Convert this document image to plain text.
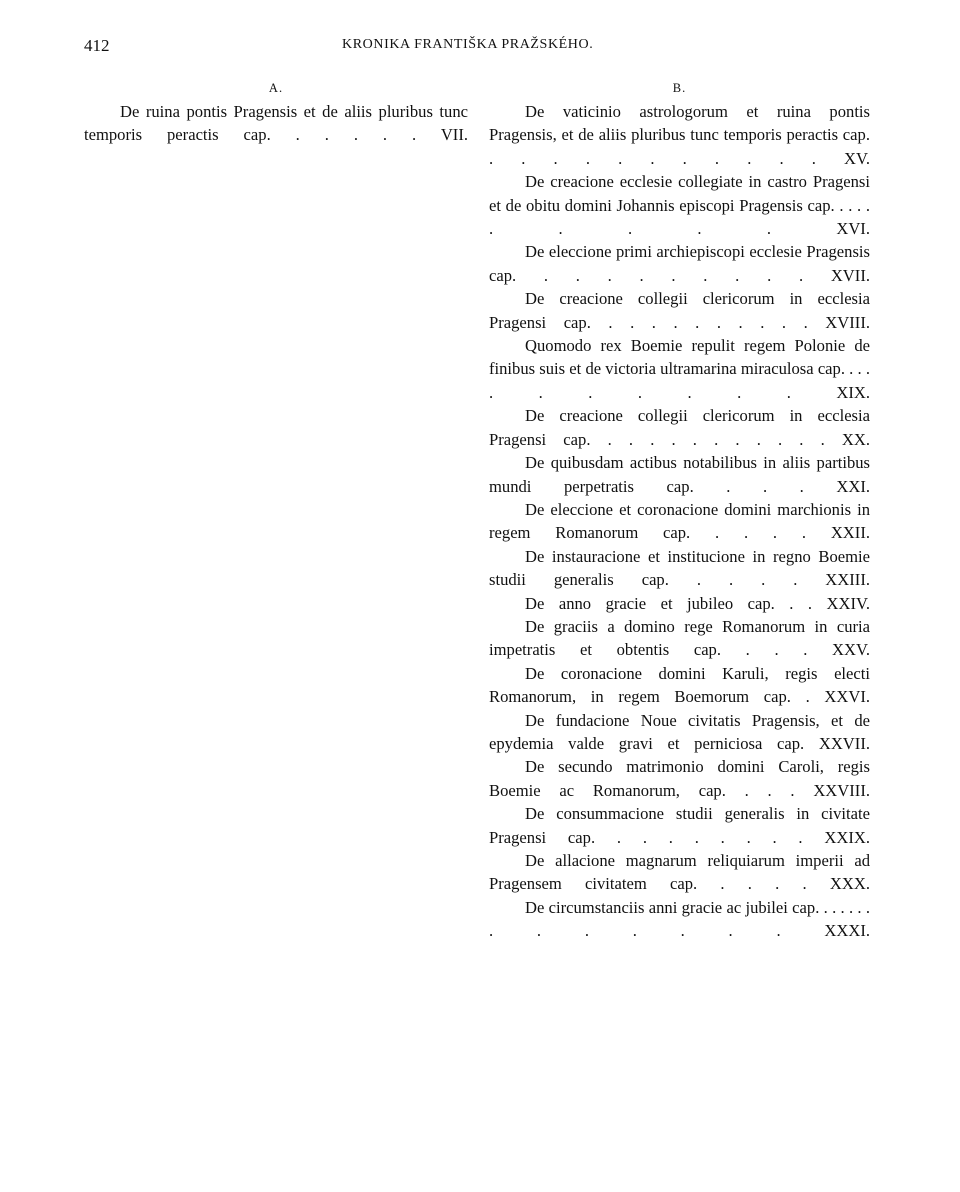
412	KRONIKA FRANTIŠKA PRAŽSKÉHO.
A.

De ruina pontis Pragensis et de aliis pluribus tunc temporis peractis cap. . . . . . VII.

B.

De vaticinio astrologorum et ruina pontis Pragensis, et de aliis pluribus tunc temporis peractis cap. . . . . . . . . . . . XV.

De creacione ecclesie collegiate in castro Pragensi et de obitu domini Johannis episcopi Pragensis cap. . . . . . . . . . XVI.

De eleccione primi archiepiscopi ecclesie Pragensis cap. . . . . . . . . . XVII.

De creacione collegii clericorum in ecclesia Pragensi cap. . . . . . . . . . . XVIII.

Quomodo rex Boemie repulit regem Polonie de finibus suis et de victoria ultramarina miraculosa cap. . . . . . . . . . . XIX.

De creacione collegii clericorum in ecclesia Pragensi cap. . . . . . . . . . . . XX.

De quibusdam actibus notabilibus in aliis partibus mundi perpetratis cap. . . . XXI.

De eleccione et coronacione domini marchionis in regem Romanorum cap. . . . . XXII.

De instauracione et institucione in regno Boemie studii generalis cap. . . . . XXIII.

De anno gracie et jubileo cap. . . XXIV.

De graciis a domino rege Romanorum in curia impetratis et obtentis cap. . . . XXV.

De coronacione domini Karuli, regis electi Romanorum, in regem Boemorum cap. . XXVI.

De fundacione Noue civitatis Pragensis, et de epydemia valde gravi et perniciosa cap. XXVII.

De secundo matrimonio domini Caroli, regis Boemie ac Romanorum, cap. . . . XXVIII.

De consummacione studii generalis in civitate Pragensi cap. . . . . . . . . XXIX.

De allacione magnarum reliquiarum imperii ad Pragensem civitatem cap. . . . . XXX.

De circumstanciis anni gracie ac jubilei cap. . . . . . . . . . . . . . XXXI.
